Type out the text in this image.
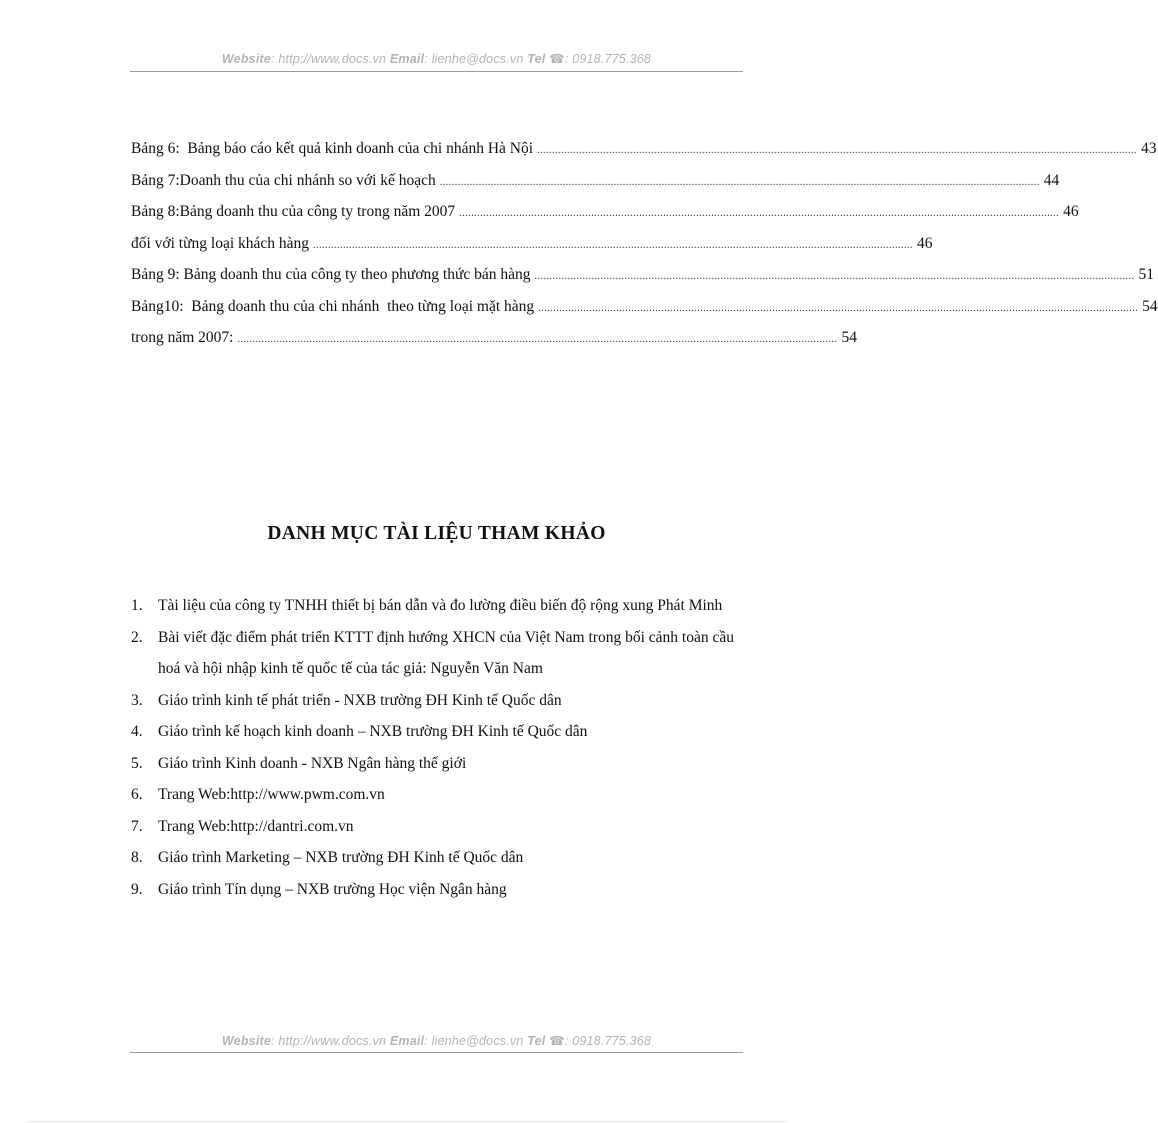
Website: http://www.docs.vn Email: lienhe@docs.vn Tel ☎: 0918.775.368
Bảng 6:  Bảng báo cáo kết quả kinh doanh của chi nhánh Hà Nội ........................................................................................................................................................................................................ 43
Bảng 7:Doanh thu của chi nhánh so với kế hoạch ........................................................................................................................................................................................................ 44
Bảng 8:Bảng doanh thu của công ty trong năm 2007 ........................................................................................................................................................................................................ 46
đối với từng loại khách hàng ........................................................................................................................................................................................................ 46
Bảng 9: Bảng doanh thu của công ty theo phương thức bán hàng ........................................................................................................................................................................................................ 51
Bảng10:  Bảng doanh thu của chi nhánh  theo từng loại mặt hàng ........................................................................................................................................................................................................ 54
trong năm 2007: ........................................................................................................................................................................................................ 54
DANH MỤC TÀI LIỆU THAM KHẢO
1. Tài liệu của công ty TNHH thiết bị bán dẫn và đo lường điều biến độ rộng xung Phát Minh
2. Bài viết đặc điểm phát triển KTTT định hướng XHCN của Việt Nam trong bối cảnh toàn cầu hoá và hội nhập kinh tế quốc tế của tác giả: Nguyễn Văn Nam
3. Giáo trình kinh tế phát triển - NXB trường ĐH Kinh tế Quốc dân
4. Giáo trình kế hoạch kinh doanh – NXB trường ĐH Kinh tế Quốc dân
5. Giáo trình Kinh doanh - NXB Ngân hàng thế giới
6. Trang Web:http://www.pwm.com.vn
7. Trang Web:http://dantri.com.vn
8. Giáo trình Marketing – NXB trường ĐH Kinh tế Quốc dân
9. Giáo trình Tín dụng – NXB trường Học viện Ngân hàng
Website: http://www.docs.vn Email: lienhe@docs.vn Tel ☎: 0918.775.368
